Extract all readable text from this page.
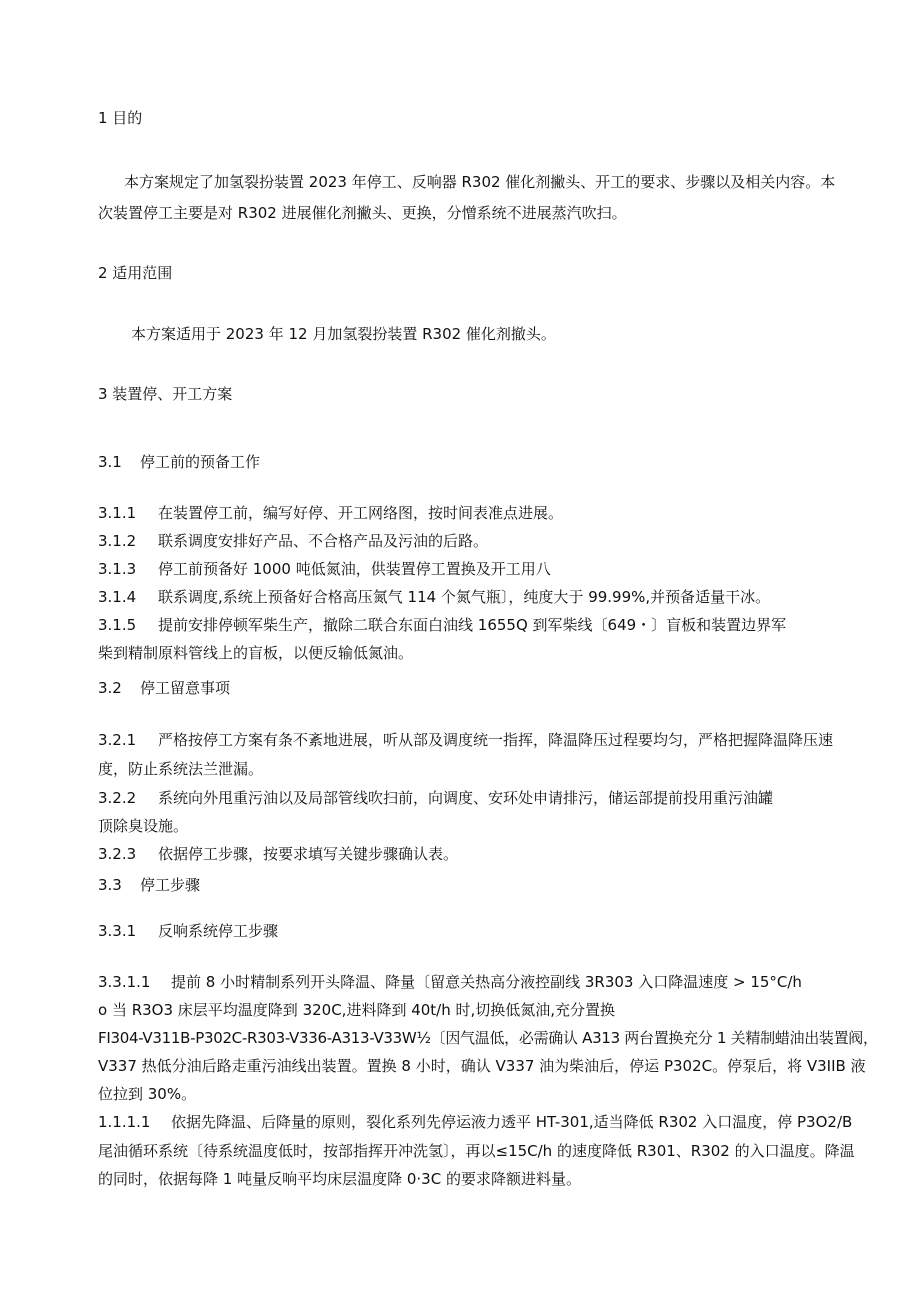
1 目的
本方案规定了加氢裂扮装置 2023 年停工、反响器 R302 催化剂撇头、开工的要求、步骤以及相关内容。本
次装置停工主要是对 R302 进展催化剂撇头、更换，分憎系统不进展蒸汽吹扫。
2 适用范围
本方案适用于 2023 年 12 月加氢裂扮装置 R302 催化剂撤头。
3 装置停、开工方案
3.1 停工前的预备工作
3.1.1 在装置停工前，编写好停、开工网络图，按时间表准点进展。
3.1.2 联系调度安排好产品、不合格产品及污油的后路。
3.1.3 停工前预备好 1000 吨低氮油，供装置停工置换及开工用八
3.1.4 联系调度,系统上预备好合格高压氮气 114 个氮气瓶〕，纯度大于 99.99%,并预备适量干冰。
3.1.5 提前安排停顿军柴生产，撤除二联合东面白油线 1655Q 到军柴线〔649・〕盲板和装置边界军
柴到精制原料管线上的盲板，以便反输低氮油。
3.2 停工留意事项
3.2.1 严格按停工方案有条不紊地进展，听从部及调度统一指挥，降温降压过程要均匀，严格把握降温降压速
度，防止系统法兰泄漏。
3.2.2 系统向外甩重污油以及局部管线吹扫前，向调度、安环处申请排污，储运部提前投用重污油罐
顶除臭设施。
3.2.3 依据停工步骤，按要求填写关键步骤确认表。
3.3 停工步骤
3.3.1 反响系统停工步骤
3.3.1.1 提前 8 小时精制系列开头降温、降量〔留意关热高分液控副线 3R303 入口降温速度 > 15°C/h
o 当 R3O3 床层平均温度降到 320C,进料降到 40t/h 时,切换低氮油,充分置换
FI304-V311B-P302C-R303-V336-A313-V33W½〔因气温低，必需确认 A313 两台置换充分 1 关精制蜡油出装置阀，
V337 热低分油后路走重污油线出装置。置换 8 小时，确认 V337 油为柴油后，停运 P302C。停泵后，将 V3IIB 液
位拉到 30%。
1.1.1.1 依据先降温、后降量的原则，裂化系列先停运液力透平 HT-301,适当降低 R302 入口温度，停 P3O2/B
尾油循环系统〔待系统温度低时，按部指挥开冲洗氢〕，再以≤15C/h 的速度降低 R301、R302 的入口温度。降温
的同时，依据每降 1 吨量反响平均床层温度降 0·3C 的要求降额进料量。
